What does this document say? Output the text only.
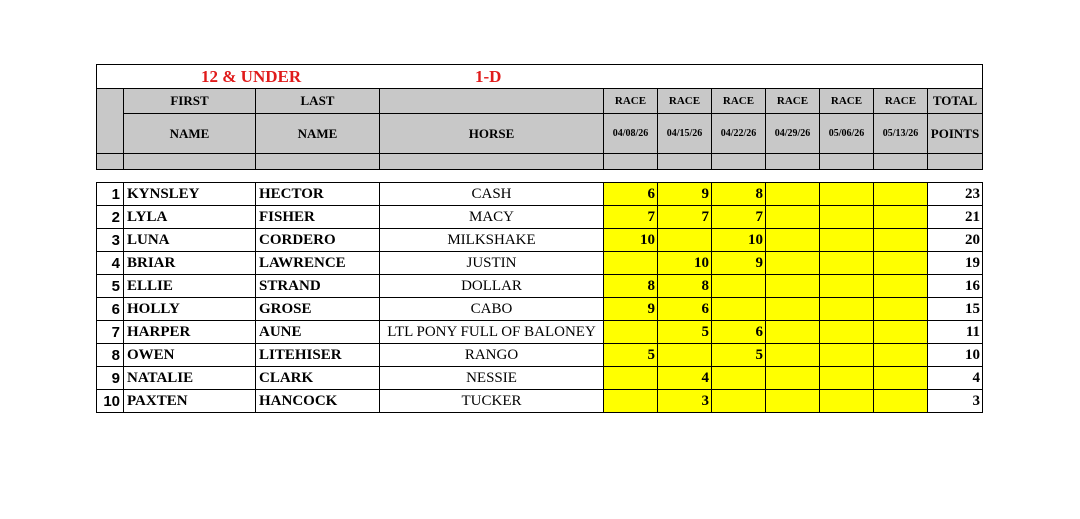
12 & UNDER 1-D										

	FIRST	LAST		RACE	RACE	RACE	RACE	RACE	RACE	TOTAL
	NAME	NAME	HORSE	04/08/26	04/15/26	04/22/26	04/29/26	05/06/26	05/13/26	POINTS

1	KYNSLEY	HECTOR	CASH	6	9	8				23
2	LYLA	FISHER	MACY	7	7	7				21
3	LUNA	CORDERO	MILKSHAKE	10		10				20
4	BRIAR	LAWRENCE	JUSTIN		10	9				19
5	ELLIE	STRAND	DOLLAR	8	8					16
6	HOLLY	GROSE	CABO	9	6					15
7	HARPER	AUNE	LTL PONY FULL OF BALONEY		5	6				11
8	OWEN	LITEHISER	RANGO	5		5				10
9	NATALIE	CLARK	NESSIE		4					4
10	PAXTEN	HANCOCK	TUCKER		3					3
